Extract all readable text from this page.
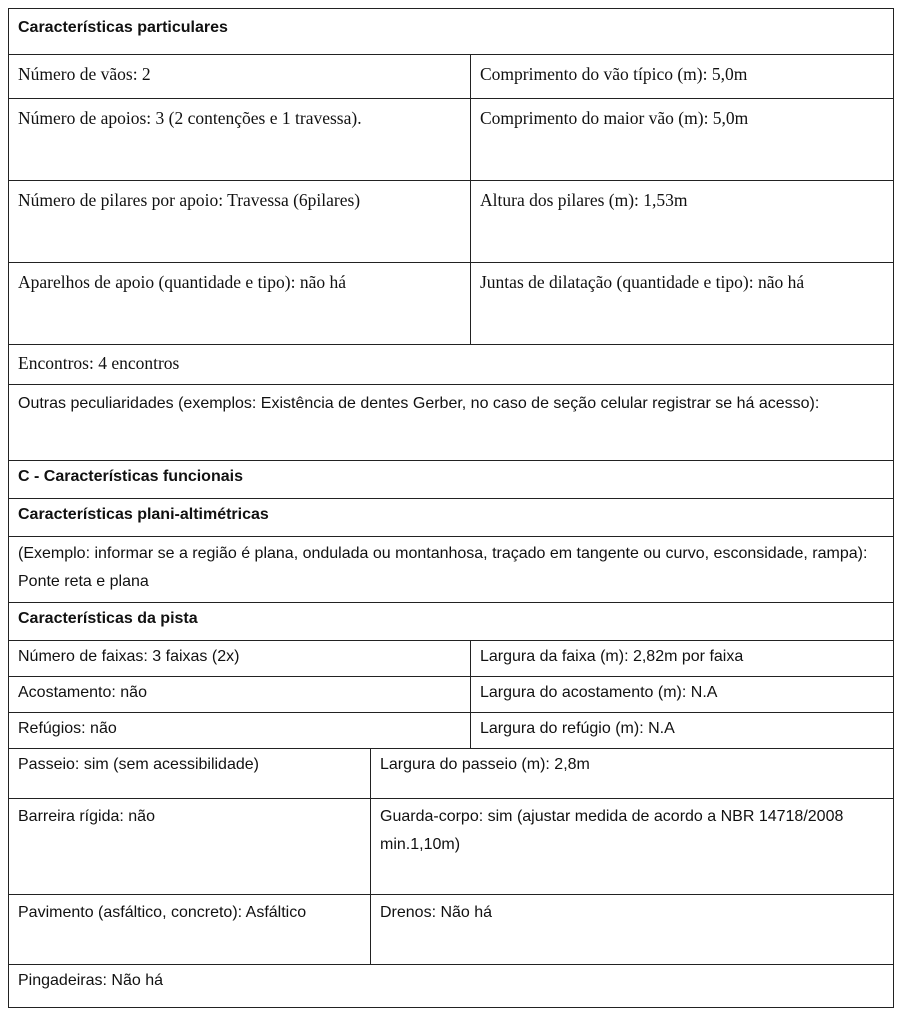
Características particulares
Número de vãos: 2	Comprimento do vão típico (m): 5,0m
Número de apoios: 3 (2 contenções e 1 travessa).	Comprimento do maior vão (m): 5,0m
Número de pilares por apoio: Travessa (6pilares)	Altura dos pilares (m): 1,53m
Aparelhos de apoio (quantidade e tipo): não há	Juntas de dilatação (quantidade e tipo): não há
Encontros: 4 encontros
Outras peculiaridades (exemplos: Existência de dentes Gerber, no caso de seção celular registrar se há acesso):
C - Características funcionais
Características plani-altimétricas
(Exemplo: informar se a região é plana, ondulada ou montanhosa, traçado em tangente ou curvo, esconsidade, rampa): Ponte reta e plana
Características da pista
Número de faixas: 3 faixas (2x)	Largura da faixa (m): 2,82m por faixa
Acostamento: não	Largura do acostamento (m): N.A
Refúgios: não	Largura do refúgio (m): N.A
Passeio: sim (sem acessibilidade)	Largura do passeio (m): 2,8m
Barreira rígida: não	Guarda-corpo: sim (ajustar medida de acordo a NBR 14718/2008 min.1,10m)
Pavimento (asfáltico, concreto): Asfáltico	Drenos: Não há
Pingadeiras: Não há
